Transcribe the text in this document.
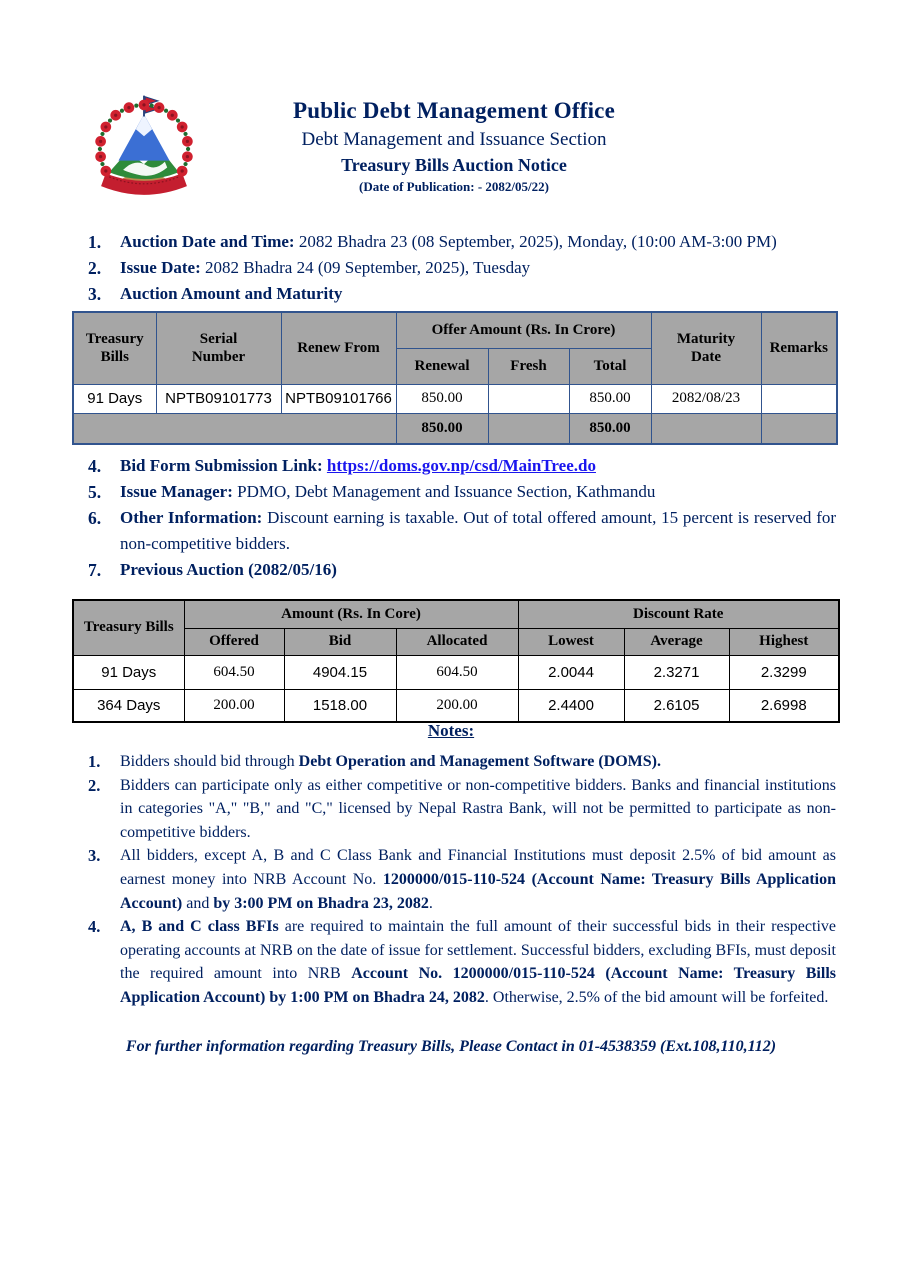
Public Debt Management Office
Debt Management and Issuance Section
Treasury Bills Auction Notice
(Date of Publication: - 2082/05/22)
1.	Auction Date and Time: 2082 Bhadra 23 (08 September, 2025), Monday, (10:00 AM-3:00 PM)
2.	Issue Date: 2082 Bhadra 24 (09 September, 2025), Tuesday
3.	Auction Amount and Maturity
Treasury Bills	Serial Number	Renew From	Offer Amount (Rs. In Crore)			Maturity Date	Remarks
			Renewal	Fresh	Total		
91 Days	NPTB09101773	NPTB09101766	850.00		850.00	2082/08/23	
			850.00		850.00		
4.	Bid Form Submission Link: https://doms.gov.np/csd/MainTree.do
5.	Issue Manager: PDMO, Debt Management and Issuance Section, Kathmandu
6.	Other Information: Discount earning is taxable. Out of total offered amount, 15 percent is reserved for non-competitive bidders.
7.	Previous Auction (2082/05/16)
Treasury Bills	Amount (Rs. In Core)			Discount Rate		
	Offered	Bid	Allocated	Lowest	Average	Highest
91 Days	604.50	4904.15	604.50	2.0044	2.3271	2.3299
364 Days	200.00	1518.00	200.00	2.4400	2.6105	2.6998
Notes:
1.	Bidders should bid through Debt Operation and Management Software (DOMS).
2.	Bidders can participate only as either competitive or non-competitive bidders. Banks and financial institutions in categories "A," "B," and "C," licensed by Nepal Rastra Bank, will not be permitted to participate as non-competitive bidders.
3.	All bidders, except A, B and C Class Bank and Financial Institutions must deposit 2.5% of bid amount as earnest money into NRB Account No. 1200000/015-110-524 (Account Name: Treasury Bills Application Account) and by 3:00 PM on Bhadra 23, 2082.
4.	A, B and C class BFIs are required to maintain the full amount of their successful bids in their respective operating accounts at NRB on the date of issue for settlement. Successful bidders, excluding BFIs, must deposit the required amount into NRB Account No. 1200000/015-110-524 (Account Name: Treasury Bills Application Account) by 1:00 PM on Bhadra 24, 2082. Otherwise, 2.5% of the bid amount will be forfeited.
For further information regarding Treasury Bills, Please Contact in 01-4538359 (Ext.108,110,112)
